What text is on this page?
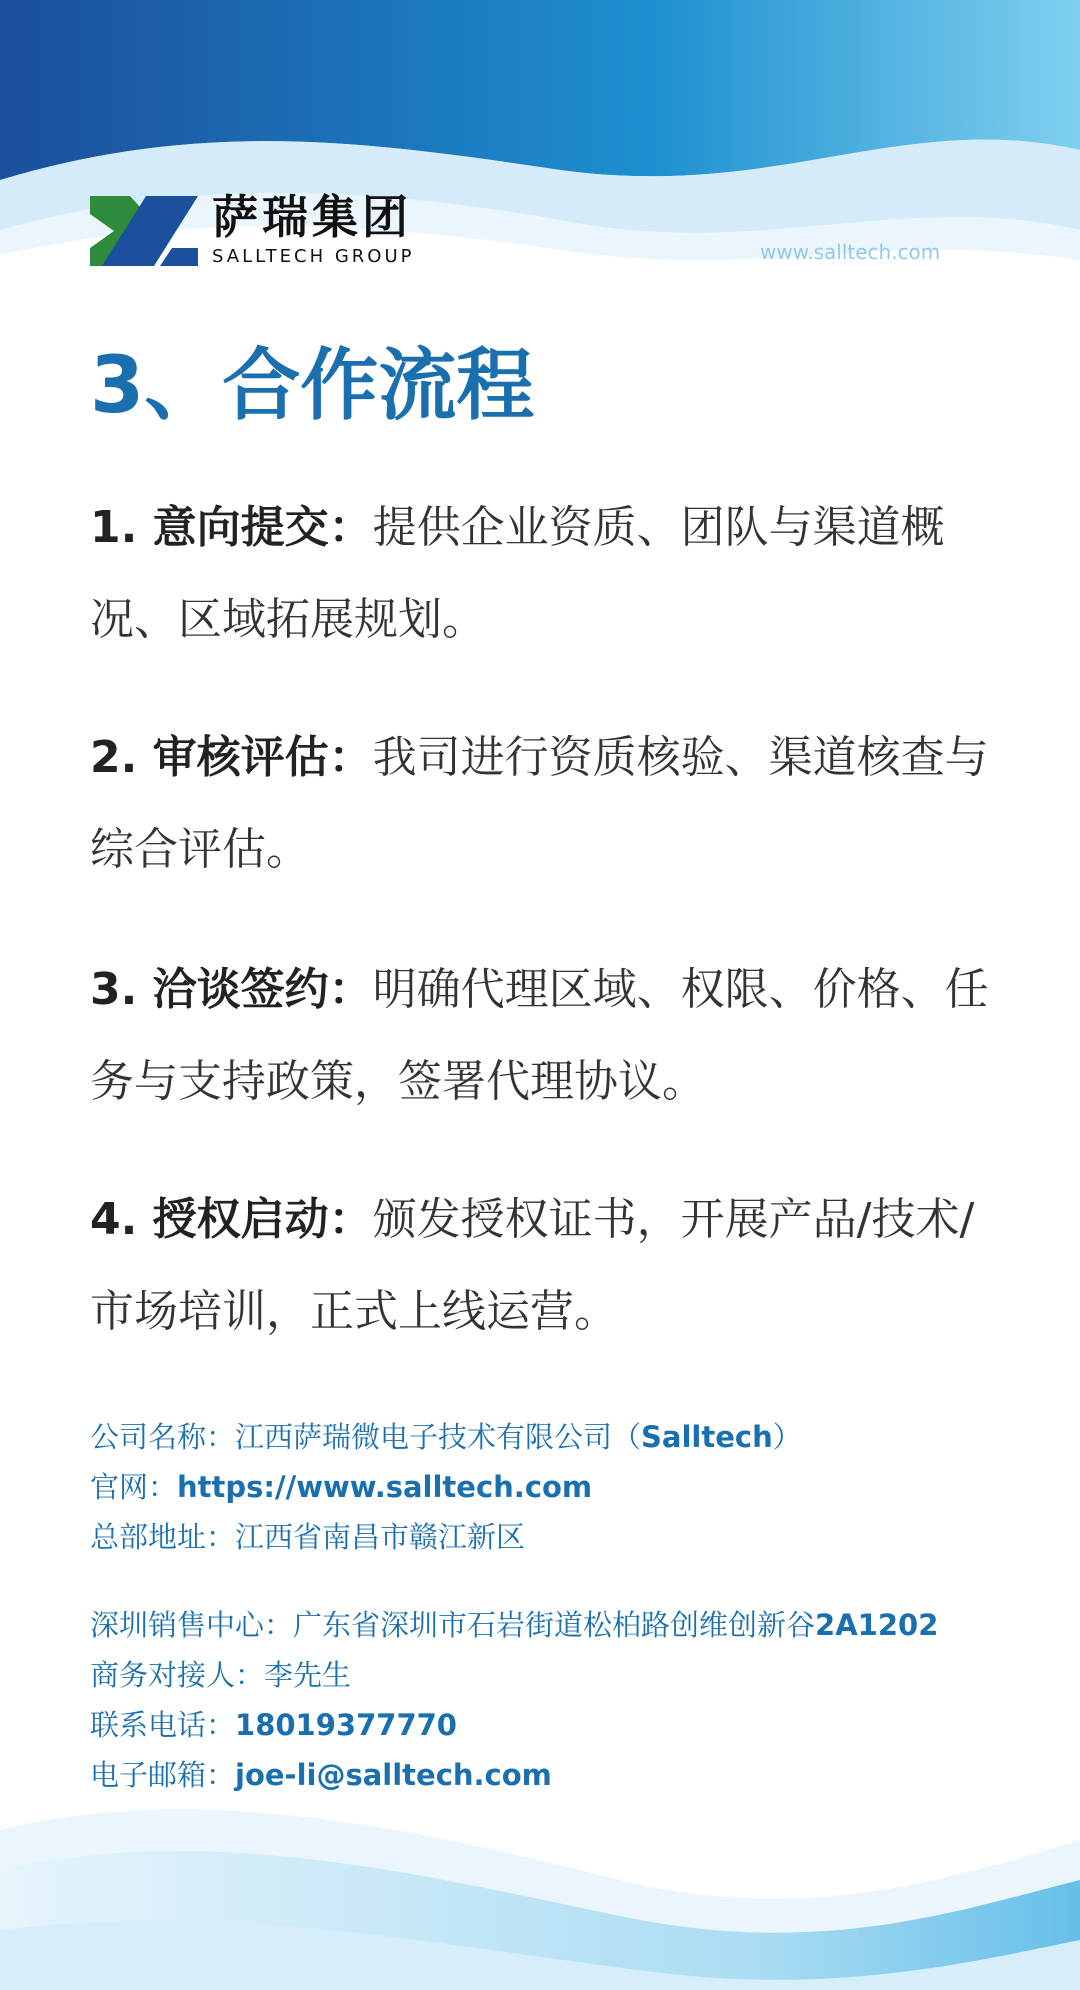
萨瑞集团
SALLTECH GROUP	www.salltech.com
3、合作流程

1. 意向提交：提供企业资质、团队与渠道概况、区域拓展规划。

2. 审核评估：我司进行资质核验、渠道核查与综合评估。

3. 洽谈签约：明确代理区域、权限、价格、任务与支持政策，签署代理协议。

4. 授权启动：颁发授权证书，开展产品/技术/市场培训，正式上线运营。

公司名称：江西萨瑞微电子技术有限公司（Salltech）
官网：https://www.salltech.com
总部地址：江西省南昌市赣江新区
深圳销售中心：广东省深圳市石岩街道松柏路创维创新谷2A1202
商务对接人：李先生
联系电话：18019377770
电子邮箱：joe-li@salltech.com
